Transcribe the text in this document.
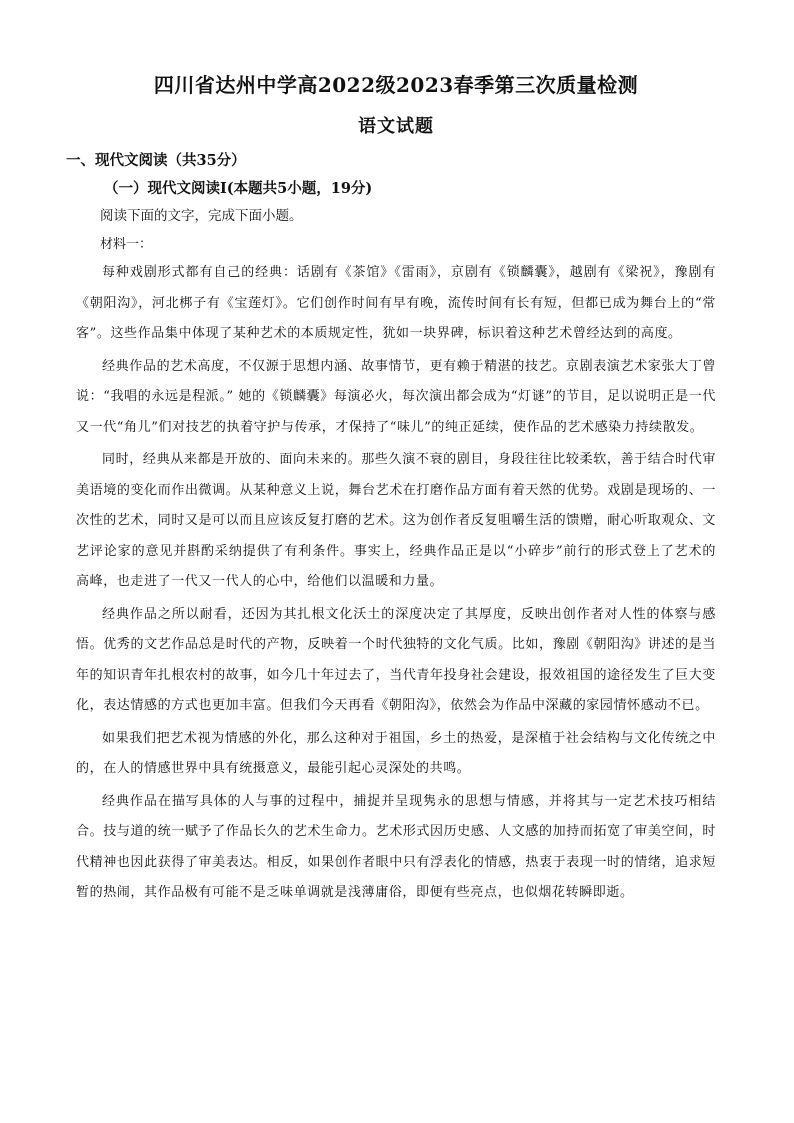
四川省达州中学高2022级2023春季第三次质量检测
语文试题
一、现代文阅读（共35分）
（一）现代文阅读Ⅰ(本题共5小题，19分)
阅读下面的文字，完成下面小题。
材料一：

每种戏剧形式都有自己的经典：话剧有《茶馆》《雷雨》，京剧有《锁麟囊》，越剧有《梁祝》，豫剧有《朝阳沟》，河北梆子有《宝莲灯》。它们创作时间有早有晚，流传时间有长有短，但都已成为舞台上的“常客”。这些作品集中体现了某种艺术的本质规定性，犹如一块界碑，标识着这种艺术曾经达到的高度。

经典作品的艺术高度，不仅源于思想内涵、故事情节，更有赖于精湛的技艺。京剧表演艺术家张大丁曾说：“我唱的永远是程派。” 她的《锁麟囊》每演必火，每次演出都会成为“灯谜”的节目，足以说明正是一代又一代“角儿”们对技艺的执着守护与传承，才保持了“味儿”的纯正延续，使作品的艺术感染力持续散发。

同时，经典从来都是开放的、面向未来的。那些久演不衰的剧目，身段往往比较柔软，善于结合时代审美语境的变化而作出微调。从某种意义上说，舞台艺术在打磨作品方面有着天然的优势。戏剧是现场的、一次性的艺术，同时又是可以而且应该反复打磨的艺术。这为创作者反复咀嚼生活的馈赠，耐心听取观众、文艺评论家的意见并斟酌采纳提供了有利条件。事实上，经典作品正是以“小碎步”前行的形式登上了艺术的高峰，也走进了一代又一代人的心中，给他们以温暖和力量。

经典作品之所以耐看，还因为其扎根文化沃土的深度决定了其厚度，反映出创作者对人性的体察与感悟。优秀的文艺作品总是时代的产物，反映着一个时代独特的文化气质。比如，豫剧《朝阳沟》讲述的是当年的知识青年扎根农村的故事，如今几十年过去了，当代青年投身社会建设，报效祖国的途径发生了巨大变化，表达情感的方式也更加丰富。但我们今天再看《朝阳沟》，依然会为作品中深藏的家园情怀感动不已。

如果我们把艺术视为情感的外化，那么这种对于祖国，乡土的热爱，是深植于社会结构与文化传统之中的，在人的情感世界中具有统摄意义，最能引起心灵深处的共鸣。

经典作品在描写具体的人与事的过程中，捕捉并呈现隽永的思想与情感，并将其与一定艺术技巧相结合。技与道的统一赋予了作品长久的艺术生命力。艺术形式因历史感、人文感的加持而拓宽了审美空间，时代精神也因此获得了审美表达。相反，如果创作者眼中只有浮表化的情感，热衷于表现一时的情绪，追求短暂的热闹，其作品极有可能不是乏味单调就是浅薄庸俗，即便有些亮点，也似烟花转瞬即逝。
